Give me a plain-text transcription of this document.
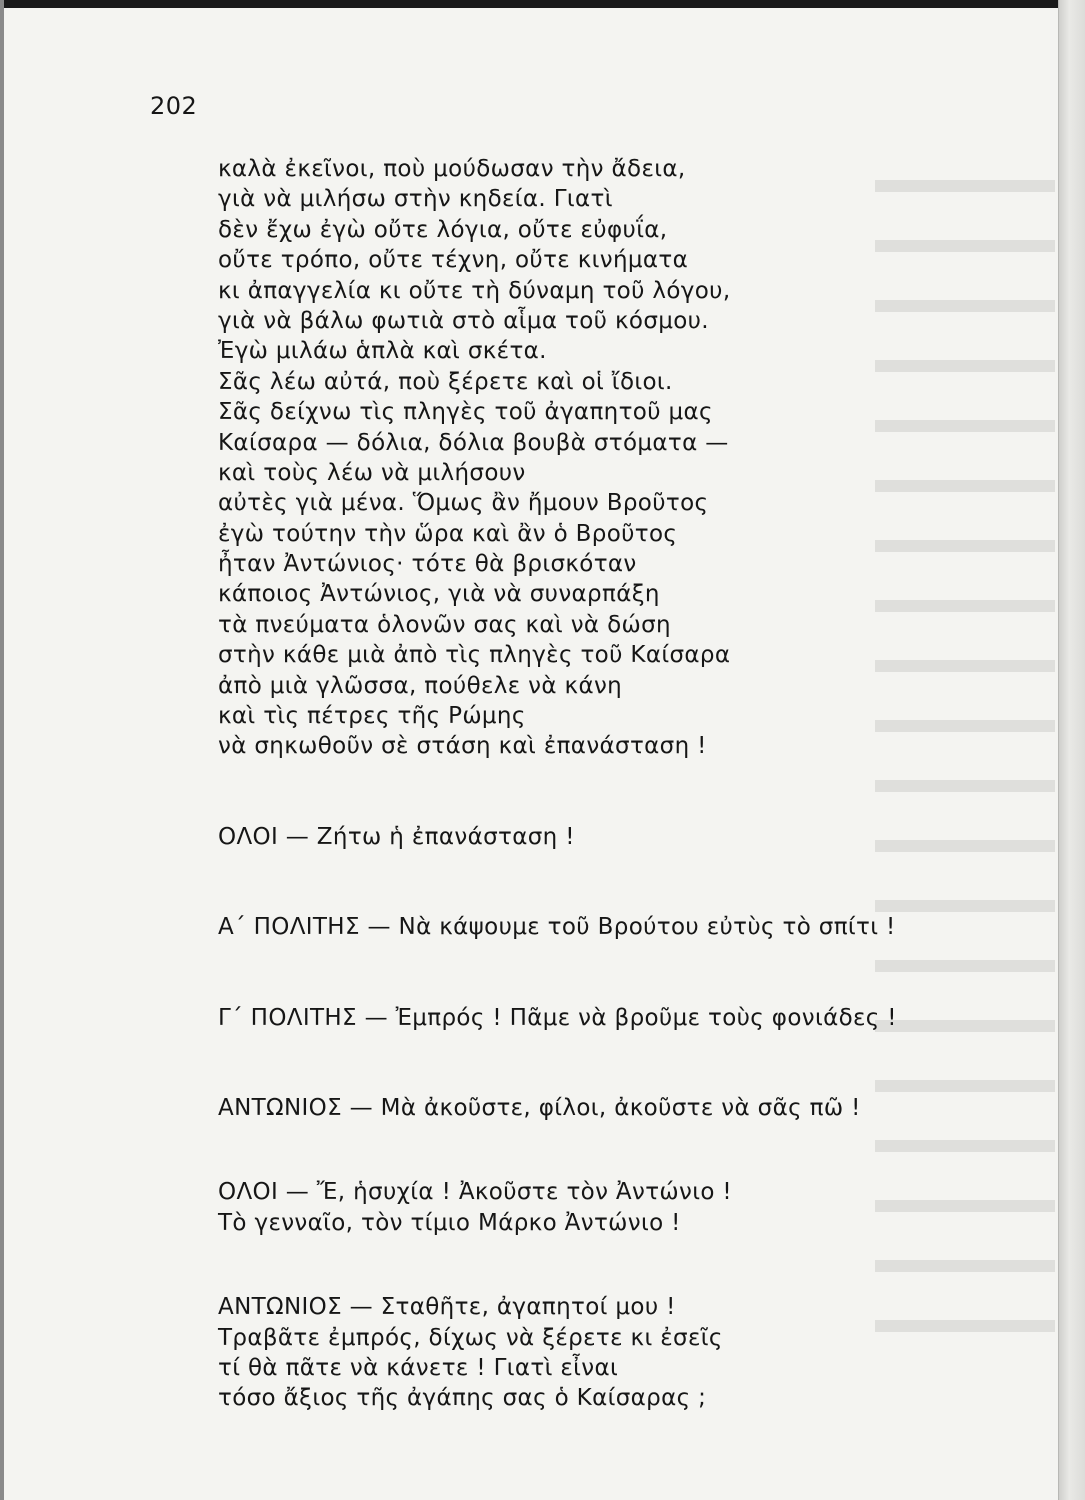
202
καλὰ ἐκεῖνοι, ποὺ μούδωσαν τὴν ἄδεια,
γιὰ νὰ μιλήσω στὴν κηδεία. Γιατὶ
δὲν ἔχω ἐγὼ οὔτε λόγια, οὔτε εὐφυΐα,
οὔτε τρόπο, οὔτε τέχνη, οὔτε κινήματα
κι ἀπαγγελία κι οὔτε τὴ δύναμη τοῦ λόγου,
γιὰ νὰ βάλω φωτιὰ στὸ αἷμα τοῦ κόσμου.
Ἐγὼ μιλάω ἁπλὰ καὶ σκέτα.
Σᾶς λέω αὐτά, ποὺ ξέρετε καὶ οἱ ἴδιοι.
Σᾶς δείχνω τὶς πληγὲς τοῦ ἀγαπητοῦ μας
Καίσαρα — δόλια, δόλια βουβὰ στόματα —
καὶ τοὺς λέω νὰ μιλήσουν
αὐτὲς γιὰ μένα. Ὅμως ἂν ἤμουν Βροῦτος
ἐγὼ τούτην τὴν ὥρα καὶ ἂν ὁ Βροῦτος
ἦταν Ἀντώνιος· τότε θὰ βρισκόταν
κάποιος Ἀντώνιος, γιὰ νὰ συναρπάξη
τὰ πνεύματα ὁλονῶν σας καὶ νὰ δώση
στὴν κάθε μιὰ ἀπὸ τὶς πληγὲς τοῦ Καίσαρα
ἀπὸ μιὰ γλῶσσα, πούθελε νὰ κάνη
καὶ τὶς πέτρες τῆς Ρώμης
νὰ σηκωθοῦν σὲ στάση καὶ ἐπανάσταση !
ΟΛΟΙ — Ζήτω ἡ ἐπανάσταση !
Α΄ ΠΟΛΙΤΗΣ — Νὰ κάψουμε τοῦ Βρούτου εὐτὺς τὸ σπίτι !
Γ΄ ΠΟΛΙΤΗΣ — Ἐμπρός ! Πᾶμε νὰ βροῦμε τοὺς φονιάδες !
ΑΝΤΩΝΙΟΣ — Μὰ ἀκοῦστε, φίλοι, ἀκοῦστε νὰ σᾶς πῶ !
ΟΛΟΙ — Ἔ, ἡσυχία ! Ἀκοῦστε τὸν Ἀντώνιο !
Τὸ γενναῖο, τὸν τίμιο Μάρκο Ἀντώνιο !
ΑΝΤΩΝΙΟΣ — Σταθῆτε, ἀγαπητοί μου !
Τραβᾶτε ἐμπρός, δίχως νὰ ξέρετε κι ἐσεῖς
τί θὰ πᾶτε νὰ κάνετε ! Γιατὶ εἶναι
τόσο ἄξιος τῆς ἀγάπης σας ὁ Καίσαρας ;
